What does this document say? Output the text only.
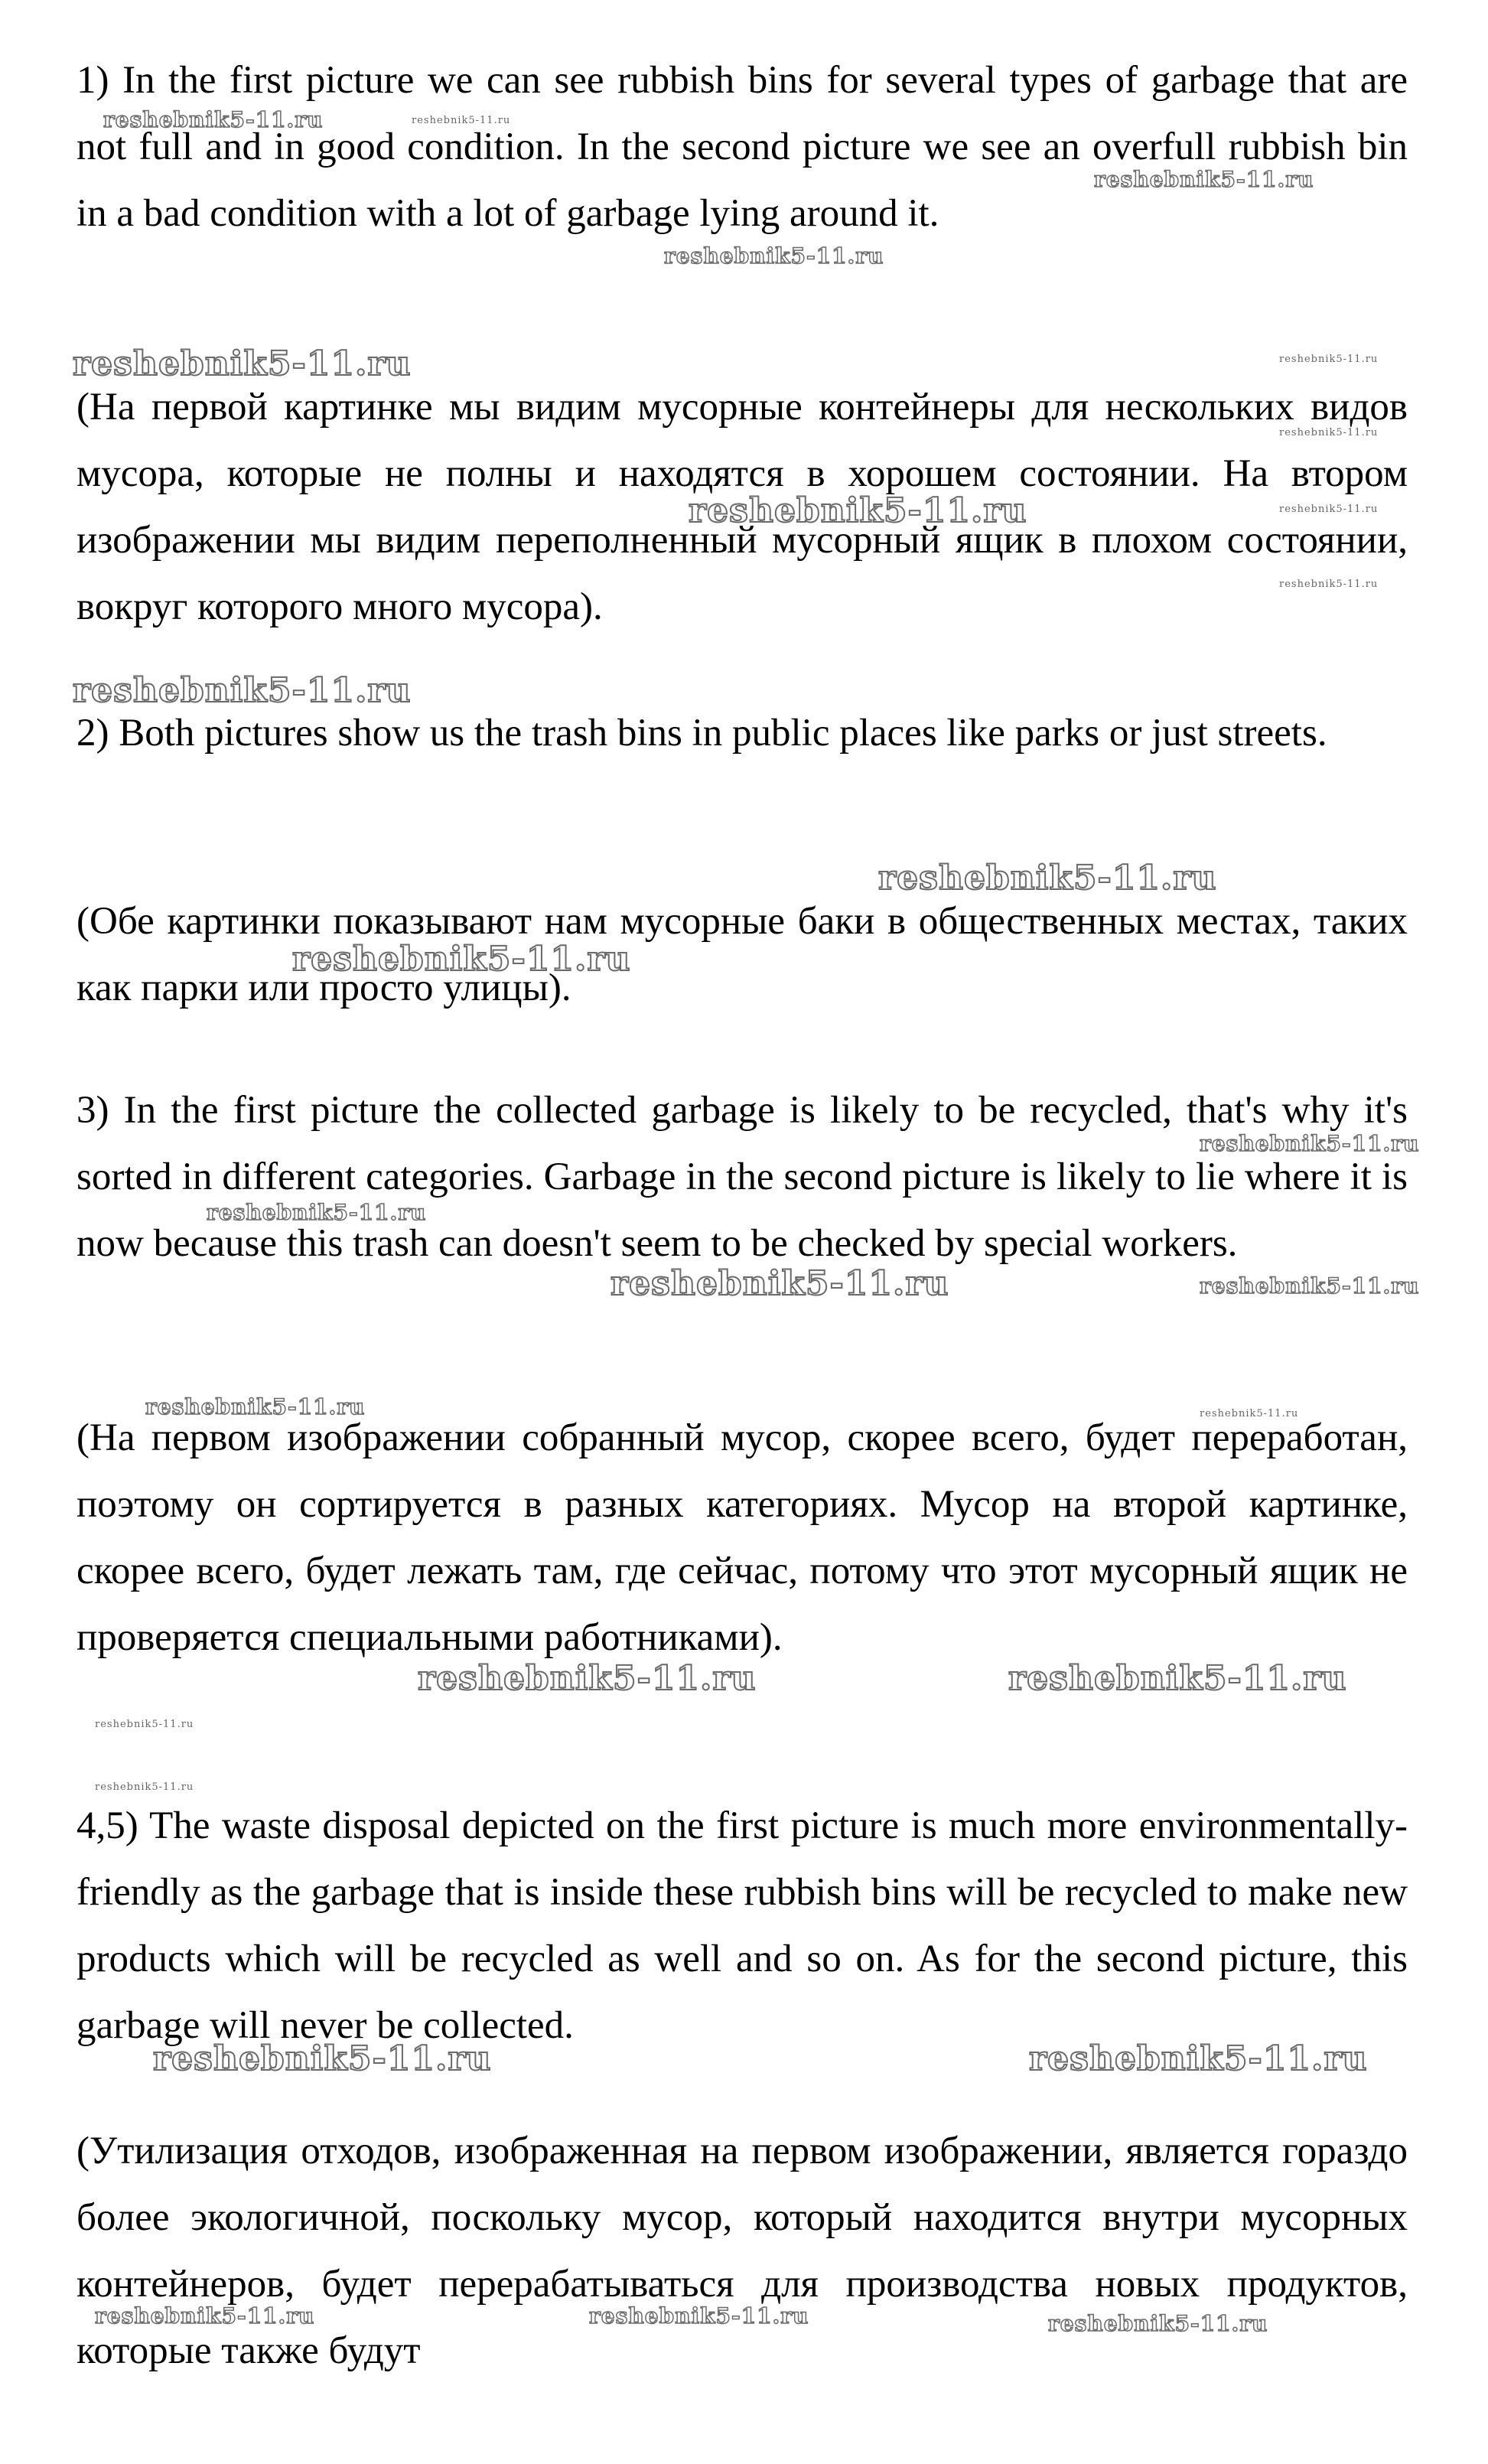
1) In the first picture we can see rubbish bins for several types of garbage that are not full and in good condition. In the second picture we see an overfull rubbish bin in a bad condition with a lot of garbage lying around it.

(На первой картинке мы видим мусорные контейнеры для нескольких видов мусора, которые не полны и находятся в хорошем состоянии. На втором изображении мы видим переполненный мусорный ящик в плохом состоянии, вокруг которого много мусора).

2) Both pictures show us the trash bins in public places like parks or just streets.

(Обе картинки показывают нам мусорные баки в общественных местах, таких как парки или просто улицы).

3) In the first picture the collected garbage is likely to be recycled, that's why it's sorted in different categories. Garbage in the second picture is likely to lie where it is now because this trash can doesn't seem to be checked by special workers.

(На первом изображении собранный мусор, скорее всего, будет переработан, поэтому он сортируется в разных категориях. Мусор на второй картинке, скорее всего, будет лежать там, где сейчас, потому что этот мусорный ящик не проверяется специальными работниками).

4,5) The waste disposal depicted on the first picture is much more environmentally-friendly as the garbage that is inside these rubbish bins will be recycled to make new products which will be recycled as well and so on. As for the second picture, this garbage will never be collected.

(Утилизация отходов, изображенная на первом изображении, является гораздо более экологичной, поскольку мусор, который находится внутри мусорных контейнеров, будет перерабатываться для производства новых продуктов, которые также будут

reshebnik5-11.ru	reshebnik5-11.ru
reshebnik5-11.ru
reshebnik5-11.ru
reshebnik5-11.ru	reshebnik5-11.ru
reshebnik5-11.ru
reshebnik5-11.ru	reshebnik5-11.ru
reshebnik5-11.ru
reshebnik5-11.ru
reshebnik5-11.ru
reshebnik5-11.ru
reshebnik5-11.ru
reshebnik5-11.ru
reshebnik5-11.ru	reshebnik5-11.ru
reshebnik5-11.ru	reshebnik5-11.ru
reshebnik5-11.ru	reshebnik5-11.ru
reshebnik5-11.ru
reshebnik5-11.ru
reshebnik5-11.ru	reshebnik5-11.ru
reshebnik5-11.ru	reshebnik5-11.ru	reshebnik5-11.ru
